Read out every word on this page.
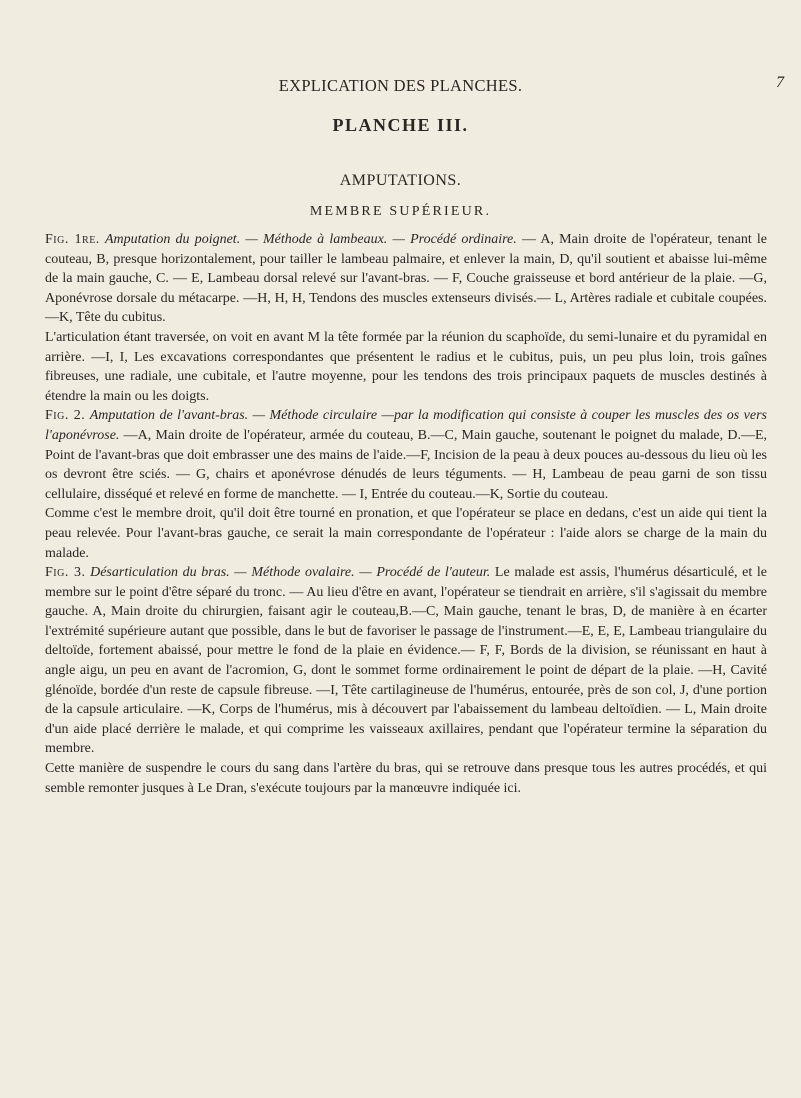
EXPLICATION DES PLANCHES.	7
PLANCHE III.
AMPUTATIONS.
MEMBRE SUPÉRIEUR.

Fig. 1re. Amputation du poignet. — Méthode à lambeaux. — Procédé ordinaire. — A, Main droite de l'opérateur, tenant le couteau, B, presque horizontalement, pour tailler le lambeau palmaire, et enlever la main, D, qu'il soutient et abaisse lui-même de la main gauche, C. — E, Lambeau dorsal relevé sur l'avant-bras. — F, Couche graisseuse et bord antérieur de la plaie. —G, Aponévrose dorsale du métacarpe. —H, H, H, Tendons des muscles extenseurs divisés.— L, Artères radiale et cubitale coupées. —K, Tête du cubitus.

L'articulation étant traversée, on voit en avant M la tête formée par la réunion du scaphoïde, du semi-lunaire et du pyramidal en arrière. —I, I, Les excavations correspondantes que présentent le radius et le cubitus, puis, un peu plus loin, trois gaînes fibreuses, une radiale, une cubitale, et l'autre moyenne, pour les tendons des trois principaux paquets de muscles destinés à étendre la main ou les doigts.

Fig. 2. Amputation de l'avant-bras. — Méthode circulaire —par la modification qui consiste à couper les muscles des os vers l'aponévrose. —A, Main droite de l'opérateur, armée du couteau, B.—C, Main gauche, soutenant le poignet du malade, D.—E, Point de l'avant-bras que doit embrasser une des mains de l'aide.—F, Incision de la peau à deux pouces au-dessous du lieu où les os devront être sciés. — G, chairs et aponévrose dénudés de leurs téguments. — H, Lambeau de peau garni de son tissu cellulaire, disséqué et relevé en forme de manchette. — I, Entrée du couteau.—K, Sortie du couteau.

Comme c'est le membre droit, qu'il doit être tourné en pronation, et que l'opérateur se place en dedans, c'est un aide qui tient la peau relevée. Pour l'avant-bras gauche, ce serait la main correspondante de l'opérateur : l'aide alors se charge de la main du malade.

Fig. 3. Désarticulation du bras. — Méthode ovalaire. — Procédé de l'auteur. Le malade est assis, l'humérus désarticulé, et le membre sur le point d'être séparé du tronc. — Au lieu d'être en avant, l'opérateur se tiendrait en arrière, s'il s'agissait du membre gauche. A, Main droite du chirurgien, faisant agir le couteau,B.—C, Main gauche, tenant le bras, D, de manière à en écarter l'extrémité supérieure autant que possible, dans le but de favoriser le passage de l'instrument.—E, E, E, Lambeau triangulaire du deltoïde, fortement abaissé, pour mettre le fond de la plaie en évidence.— F, F, Bords de la division, se réunissant en haut à angle aigu, un peu en avant de l'acromion, G, dont le sommet forme ordinairement le point de départ de la plaie. —H, Cavité glénoïde, bordée d'un reste de capsule fibreuse. —I, Tête cartilagineuse de l'humérus, entourée, près de son col, J, d'une portion de la capsule articulaire. —K, Corps de l'humérus, mis à découvert par l'abaissement du lambeau deltoïdien. — L, Main droite d'un aide placé derrière le malade, et qui comprime les vaisseaux axillaires, pendant que l'opérateur termine la séparation du membre.

Cette manière de suspendre le cours du sang dans l'artère du bras, qui se retrouve dans presque tous les autres procédés, et qui semble remonter jusques à Le Dran, s'exécute toujours par la manœuvre indiquée ici.
